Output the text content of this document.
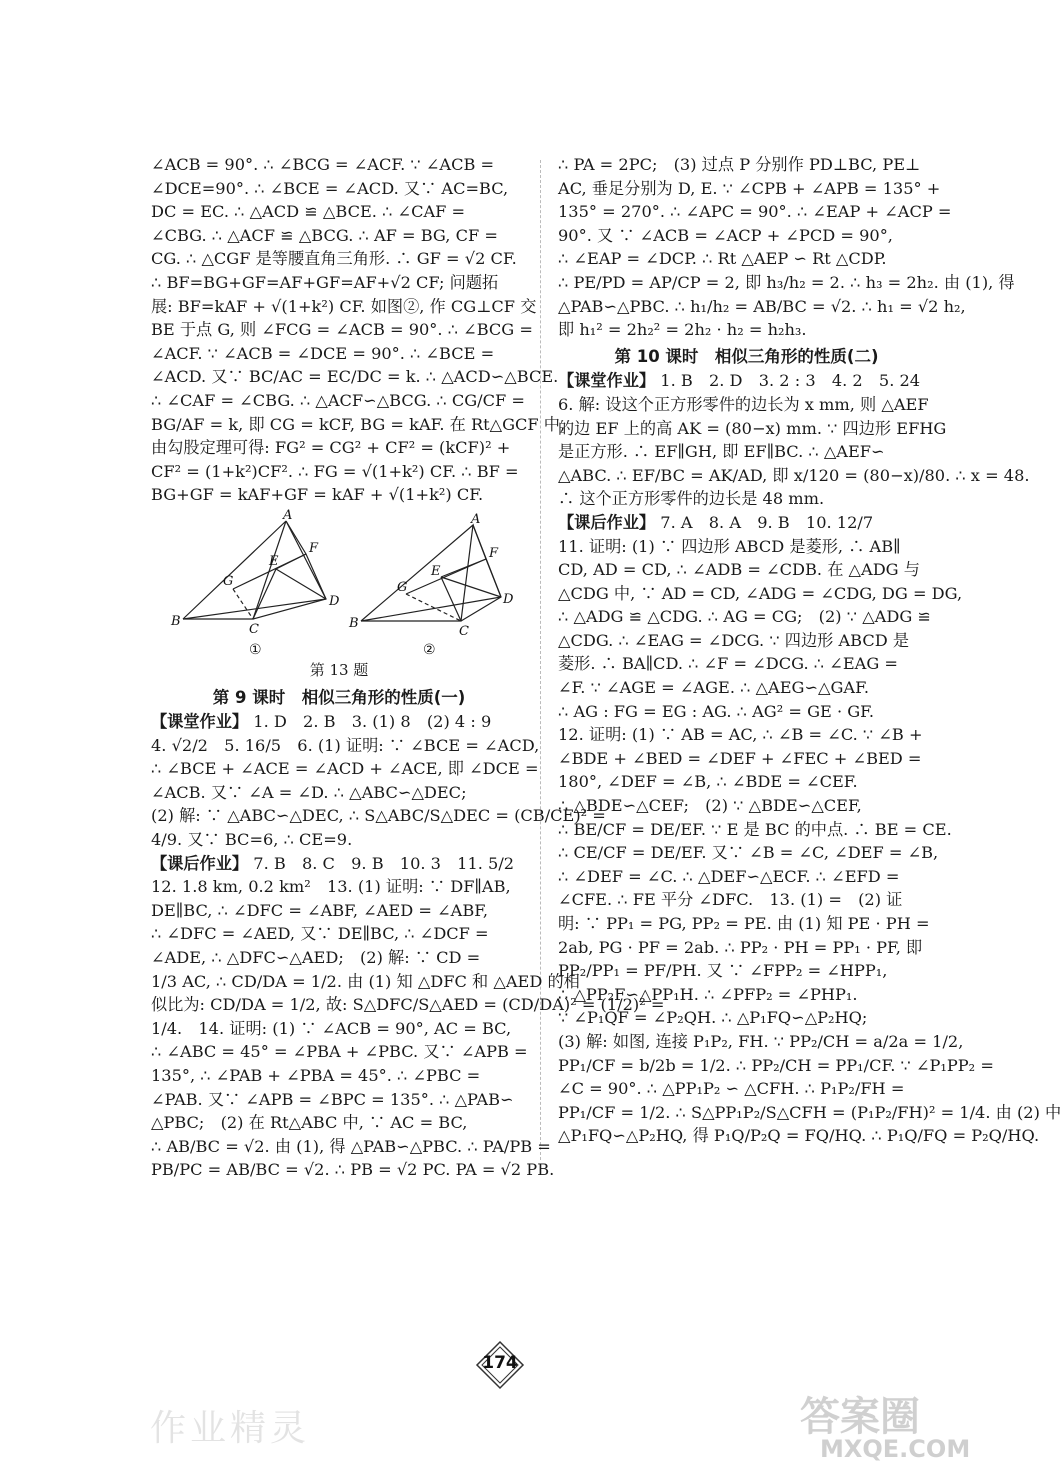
∠ACB = 90°. ∴ ∠BCG = ∠ACF. ∵ ∠ACB =
∠DCE=90°. ∴ ∠BCE = ∠ACD. 又∵ AC=BC,
DC = EC. ∴ △ACD ≌ △BCE. ∴ ∠CAF =
∠CBG. ∴ △ACF ≌ △BCG. ∴ AF = BG, CF =
CG. ∴ △CGF 是等腰直角三角形. ∴ GF = √2 CF.
∴ BF=BG+GF=AF+GF=AF+√2 CF; 问题拓
展: BF=kAF + √(1+k²) CF. 如图②, 作 CG⊥CF 交
BE 于点 G, 则 ∠FCG = ∠ACB = 90°. ∴ ∠BCG =
∠ACF. ∵ ∠ACB = ∠DCE = 90°. ∴ ∠BCE =
∠ACD. 又∵ BC/AC = EC/DC = k. ∴ △ACD∽△BCE.
∴ ∠CAF = ∠CBG. ∴ △ACF∽△BCG. ∴ CG/CF =
BG/AF = k, 即 CG = kCF, BG = kAF. 在 Rt△GCF 中,
由勾股定理可得: FG² = CG² + CF² = (kCF)² +
CF² = (1+k²)CF². ∴ FG = √(1+k²) CF. ∴ BF =
BG+GF = kAF+GF = kAF + √(1+k²) CF.
A
B
C
D
E
F
G
A
B
C
D
E
F
G
①	②
第 13 题
第 9 课时　相似三角形的性质(一)
【课堂作业】 1. D　2. B　3. (1) 8　(2) 4 : 9
4. √2/2　5. 16/5　6. (1) 证明: ∵ ∠BCE = ∠ACD,
∴ ∠BCE + ∠ACE = ∠ACD + ∠ACE, 即 ∠DCE =
∠ACB. 又∵ ∠A = ∠D. ∴ △ABC∽△DEC;
(2) 解: ∵ △ABC∽△DEC, ∴ S△ABC/S△DEC = (CB/CE)² =
4/9. 又∵ BC=6, ∴ CE=9.
【课后作业】 7. B　8. C　9. B　10. 3　11. 5/2
12. 1.8 km, 0.2 km²　13. (1) 证明: ∵ DF∥AB,
DE∥BC, ∴ ∠DFC = ∠ABF, ∠AED = ∠ABF,
∴ ∠DFC = ∠AED, 又∵ DE∥BC, ∴ ∠DCF =
∠ADE, ∴ △DFC∽△AED;　(2) 解: ∵ CD =
1/3 AC, ∴ CD/DA = 1/2. 由 (1) 知 △DFC 和 △AED 的相
似比为: CD/DA = 1/2, 故: S△DFC/S△AED = (CD/DA)² = (1/2)² =
1/4.　14. 证明: (1) ∵ ∠ACB = 90°, AC = BC,
∴ ∠ABC = 45° = ∠PBA + ∠PBC. 又∵ ∠APB =
135°, ∴ ∠PAB + ∠PBA = 45°. ∴ ∠PBC =
∠PAB. 又∵ ∠APB = ∠BPC = 135°. ∴ △PAB∽
△PBC;　(2) 在 Rt△ABC 中, ∵ AC = BC,
∴ AB/BC = √2. 由 (1), 得 △PAB∽△PBC. ∴ PA/PB =
PB/PC = AB/BC = √2. ∴ PB = √2 PC. PA = √2 PB.
∴ PA = 2PC;　(3) 过点 P 分别作 PD⊥BC, PE⊥
AC, 垂足分别为 D, E. ∵ ∠CPB + ∠APB = 135° +
135° = 270°. ∴ ∠APC = 90°. ∴ ∠EAP + ∠ACP =
90°. 又 ∵ ∠ACB = ∠ACP + ∠PCD = 90°,
∴ ∠EAP = ∠DCP. ∴ Rt △AEP ∽ Rt △CDP.
∴ PE/PD = AP/CP = 2, 即 h₃/h₂ = 2. ∴ h₃ = 2h₂. 由 (1), 得
△PAB∽△PBC. ∴ h₁/h₂ = AB/BC = √2. ∴ h₁ = √2 h₂,
即 h₁² = 2h₂² = 2h₂ · h₂ = h₂h₃.
第 10 课时　相似三角形的性质(二)
【课堂作业】 1. B　2. D　3. 2 : 3　4. 2　5. 24
6. 解: 设这个正方形零件的边长为 x mm, 则 △AEF
的边 EF 上的高 AK = (80−x) mm. ∵ 四边形 EFHG
是正方形. ∴ EF∥GH, 即 EF∥BC. ∴ △AEF∽
△ABC. ∴ EF/BC = AK/AD, 即 x/120 = (80−x)/80. ∴ x = 48.
∴ 这个正方形零件的边长是 48 mm.
【课后作业】 7. A　8. A　9. B　10. 12/7
11. 证明: (1) ∵ 四边形 ABCD 是菱形, ∴ AB∥
CD, AD = CD, ∴ ∠ADB = ∠CDB. 在 △ADG 与
△CDG 中, ∵ AD = CD, ∠ADG = ∠CDG, DG = DG,
∴ △ADG ≌ △CDG. ∴ AG = CG;　(2) ∵ △ADG ≌
△CDG. ∴ ∠EAG = ∠DCG. ∵ 四边形 ABCD 是
菱形. ∴ BA∥CD. ∴ ∠F = ∠DCG. ∴ ∠EAG =
∠F. ∵ ∠AGE = ∠AGE. ∴ △AEG∽△GAF.
∴ AG : FG = EG : AG. ∴ AG² = GE · GF.
12. 证明: (1) ∵ AB = AC, ∴ ∠B = ∠C. ∵ ∠B +
∠BDE + ∠BED = ∠DEF + ∠FEC + ∠BED =
180°, ∠DEF = ∠B, ∴ ∠BDE = ∠CEF.
∴ △BDE∽△CEF;　(2) ∵ △BDE∽△CEF,
∴ BE/CF = DE/EF. ∵ E 是 BC 的中点. ∴ BE = CE.
∴ CE/CF = DE/EF. 又∵ ∠B = ∠C, ∠DEF = ∠B,
∴ ∠DEF = ∠C. ∴ △DEF∽△ECF. ∴ ∠EFD =
∠CFE. ∴ FE 平分 ∠DFC.　13. (1) =　(2) 证
明: ∵ PP₁ = PG, PP₂ = PE. 由 (1) 知 PE · PH =
2ab, PG · PF = 2ab. ∴ PP₂ · PH = PP₁ · PF, 即
PP₂/PP₁ = PF/PH. 又 ∵ ∠FPP₂ = ∠HPP₁,
∴ △PP₂F∽△PP₁H. ∴ ∠PFP₂ = ∠PHP₁.
∵ ∠P₁QF = ∠P₂QH. ∴ △P₁FQ∽△P₂HQ;
(3) 解: 如图, 连接 P₁P₂, FH. ∵ PP₂/CH = a/2a = 1/2,
PP₁/CF = b/2b = 1/2. ∴ PP₂/CH = PP₁/CF. ∵ ∠P₁PP₂ =
∠C = 90°. ∴ △PP₁P₂ ∽ △CFH. ∴ P₁P₂/FH =
PP₁/CF = 1/2. ∴ S△PP₁P₂/S△CFH = (P₁P₂/FH)² = 1/4. 由 (2) 中
△P₁FQ∽△P₂HQ, 得 P₁Q/P₂Q = FQ/HQ. ∴ P₁Q/FQ = P₂Q/HQ.
174
作业精灵	答案圈
MXQE.COM
